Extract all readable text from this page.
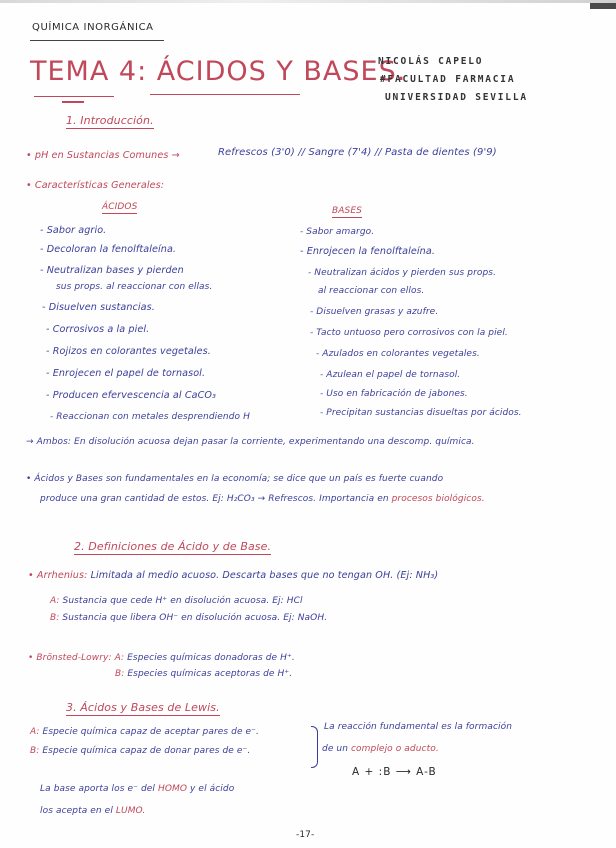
QUÍMICA INORGÁNICA
TEMA 4: ÁCIDOS Y BASES.
NICOLÁS CAPELO
#FACULTAD FARMACIA
UNIVERSIDAD SEVILLA
1. Introducción.
• pH en Sustancias Comunes →	Refrescos (3'0) // Sangre (7'4) // Pasta de dientes (9'9)
• Características Generales:
ÁCIDOS	BASES
- Sabor agrio.
- Decoloran la fenolftaleína.
- Neutralizan bases y pierden
sus props. al reaccionar con ellas.
- Disuelven sustancias.
- Corrosivos a la piel.
- Rojizos en colorantes vegetales.
- Enrojecen el papel de tornasol.
- Producen efervescencia al CaCO₃
- Reaccionan con metales desprendiendo H
- Sabor amargo.
- Enrojecen la fenolftaleína.
- Neutralizan ácidos y pierden sus props.
al reaccionar con ellos.
- Disuelven grasas y azufre.
- Tacto untuoso pero corrosivos con la piel.
- Azulados en colorantes vegetales.
- Azulean el papel de tornasol.
- Uso en fabricación de jabones.
- Precipitan sustancias disueltas por ácidos.
→ Ambos: En disolución acuosa dejan pasar la corriente, experimentando una descomp. química.
• Ácidos y Bases son fundamentales en la economía; se dice que un país es fuerte cuando
produce una gran cantidad de estos. Ej: H₂CO₃ → Refrescos. Importancia en procesos biológicos.
2. Definiciones de Ácido y de Base.
• Arrhenius: Limitada al medio acuoso. Descarta bases que no tengan OH. (Ej: NH₃)
A: Sustancia que cede H⁺ en disolución acuosa. Ej: HCl
B: Sustancia que libera OH⁻ en disolución acuosa. Ej: NaOH.
• Brönsted-Lowry: A: Especies químicas donadoras de H⁺.
B: Especies químicas aceptoras de H⁺.
3. Ácidos y Bases de Lewis.
A: Especie química capaz de aceptar pares de e⁻.
B: Especie química capaz de donar pares de e⁻.
La reacción fundamental es la formación
de un complejo o aducto.
A + :B ⟶ A-B
La base aporta los e⁻ del HOMO y el ácido
los acepta en el LUMO.
-17-
